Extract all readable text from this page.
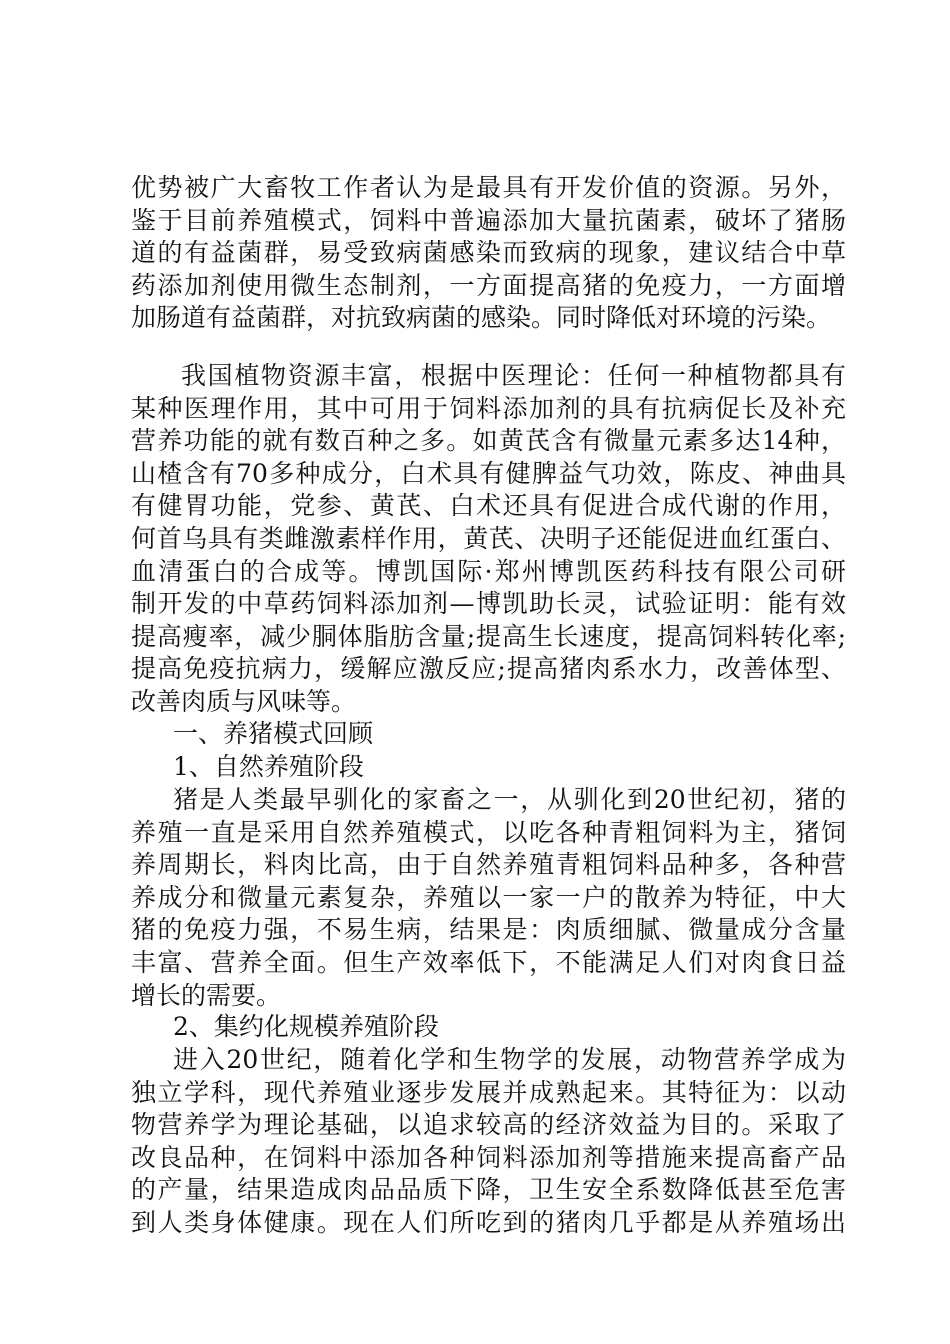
优势被广大畜牧工作者认为是最具有开发价值的资源。另外，
鉴于目前养殖模式，饲料中普遍添加大量抗菌素，破坏了猪肠
道的有益菌群，易受致病菌感染而致病的现象，建议结合中草
药添加剂使用微生态制剂，一方面提高猪的免疫力，一方面增
加肠道有益菌群，对抗致病菌的感染。同时降低对环境的污染。
我国植物资源丰富，根据中医理论：任何一种植物都具有
某种医理作用，其中可用于饲料添加剂的具有抗病促长及补充
营养功能的就有数百种之多。如黄芪含有微量元素多达14种，
山楂含有70多种成分，白术具有健脾益气功效，陈皮、神曲具
有健胃功能，党参、黄芪、白术还具有促进合成代谢的作用，
何首乌具有类雌激素样作用，黄芪、决明子还能促进血红蛋白、
血清蛋白的合成等。博凯国际·郑州博凯医药科技有限公司研
制开发的中草药饲料添加剂—博凯助长灵，试验证明：能有效
提高瘦率，减少胴体脂肪含量;提高生长速度，提高饲料转化率;
提高免疫抗病力，缓解应激反应;提高猪肉系水力，改善体型、
改善肉质与风味等。
一、养猪模式回顾
1、自然养殖阶段
猪是人类最早驯化的家畜之一，从驯化到20世纪初，猪的
养殖一直是采用自然养殖模式，以吃各种青粗饲料为主，猪饲
养周期长，料肉比高，由于自然养殖青粗饲料品种多，各种营
养成分和微量元素复杂，养殖以一家一户的散养为特征，中大
猪的免疫力强，不易生病，结果是：肉质细腻、微量成分含量
丰富、营养全面。但生产效率低下，不能满足人们对肉食日益
增长的需要。
2、集约化规模养殖阶段
进入20世纪，随着化学和生物学的发展，动物营养学成为
独立学科，现代养殖业逐步发展并成熟起来。其特征为：以动
物营养学为理论基础，以追求较高的经济效益为目的。采取了
改良品种，在饲料中添加各种饲料添加剂等措施来提高畜产品
的产量，结果造成肉品品质下降，卫生安全系数降低甚至危害
到人类身体健康。现在人们所吃到的猪肉几乎都是从养殖场出
